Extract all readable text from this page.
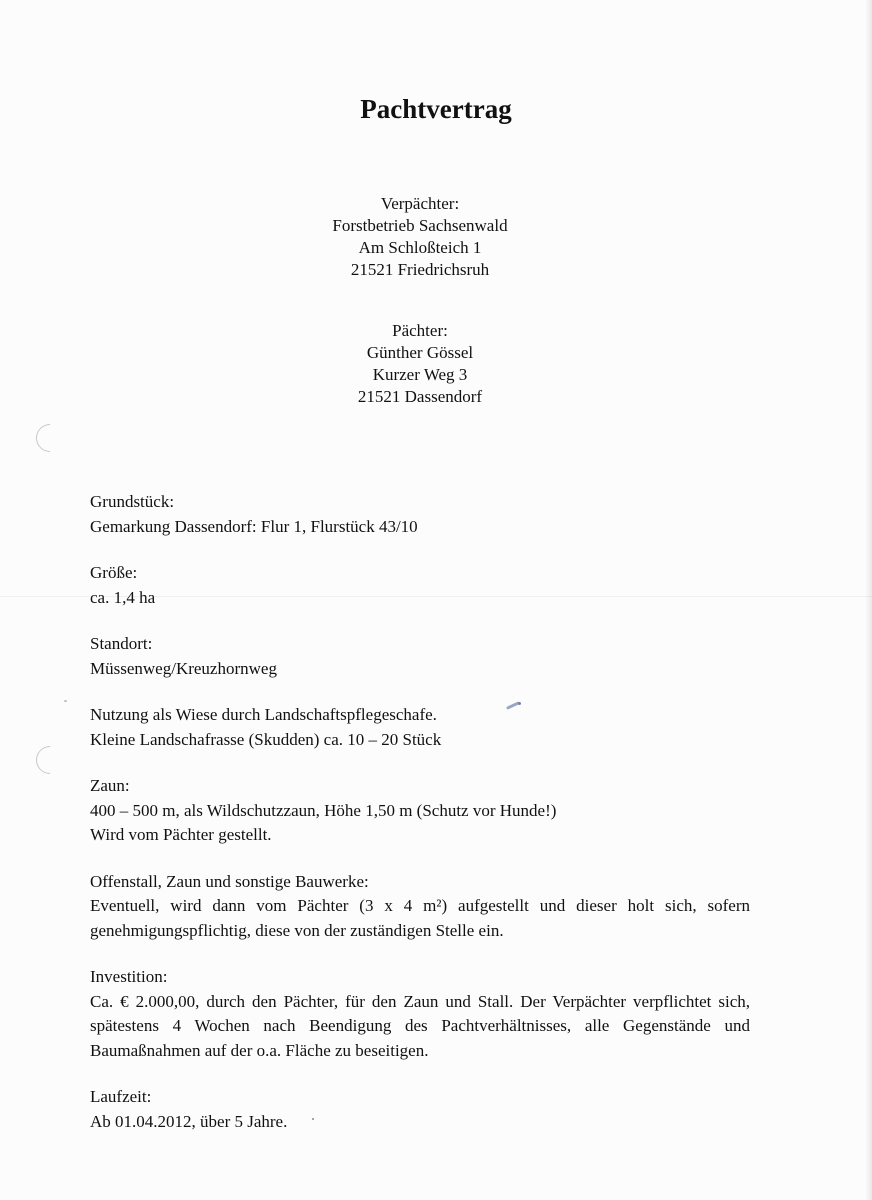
Pachtvertrag
Verpächter:
Forstbetrieb Sachsenwald
Am Schloßteich 1
21521 Friedrichsruh
Pächter:
Günther Gössel
Kurzer Weg 3
21521 Dassendorf
Grundstück:
Gemarkung Dassendorf: Flur 1, Flurstück 43/10
Größe:
ca. 1,4 ha
Standort:
Müssenweg/Kreuzhornweg
Nutzung als Wiese durch Landschaftspflegeschafe.
Kleine Landschafrasse (Skudden) ca. 10 – 20 Stück
Zaun:
400 – 500 m, als Wildschutzzaun, Höhe 1,50 m (Schutz vor Hunde!)
Wird vom Pächter gestellt.
Offenstall, Zaun und sonstige Bauwerke:
Eventuell, wird dann vom Pächter (3 x 4 m²) aufgestellt und dieser holt sich, sofern genehmigungspflichtig, diese von der zuständigen Stelle ein.
Investition:
Ca. € 2.000,00, durch den Pächter, für den Zaun und Stall. Der Verpächter verpflichtet sich, spätestens 4 Wochen nach Beendigung des Pachtverhältnisses, alle Gegenstände und Baumaßnahmen auf der o.a. Fläche zu beseitigen.
Laufzeit:
Ab 01.04.2012, über 5 Jahre.
